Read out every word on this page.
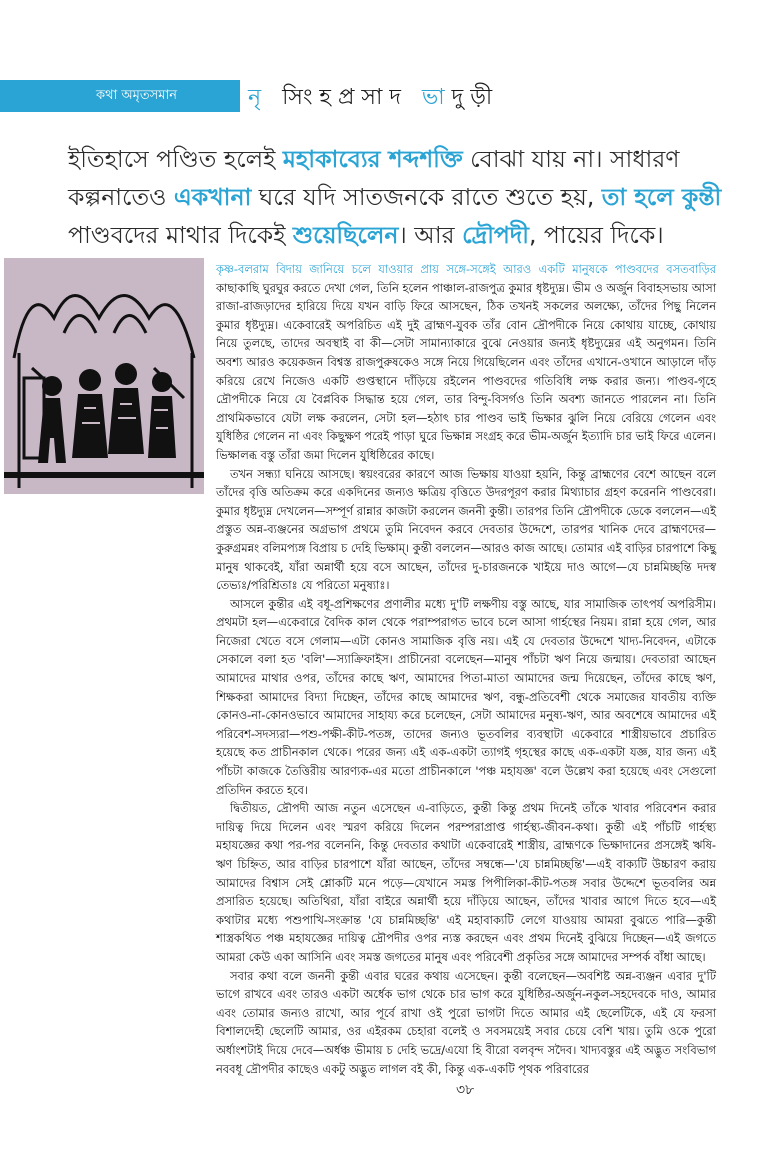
কথা অমৃতসমান	নৃ সিংহপ্রসাদ ভাদুড়ী
ইতিহাসে পণ্ডিত হলেই মহাকাব্যের শব্দশক্তি বোঝা যায় না। সাধারণ কল্পনাতেও একখানা ঘরে যদি সাতজনকে রাতে শুতে হয়, তা হলে কুন্তী পাণ্ডবদের মাথার দিকেই শুয়েছিলেন। আর দ্রৌপদী, পায়ের দিকে।

কৃষ্ণ-বলরাম বিদায় জানিয়ে চলে যাওয়ার প্রায় সঙ্গে-সঙ্গেই আরও একটি মানুষকে পাণ্ডবদের বসতবাড়ির কাছাকাছি ঘুরঘুর করতে দেখা গেল, তিনি হলেন পাঞ্চাল-রাজপুত্র কুমার ধৃষ্টদ্যুম্ন। ভীম ও অর্জুন বিবাহসভায় আসা রাজা-রাজড়াদের হারিয়ে দিয়ে যখন বাড়ি ফিরে আসছেন, ঠিক তখনই সকলের অলক্ষ্যে, তাঁদের পিছু নিলেন কুমার ধৃষ্টদ্যুম্ন। একেবারেই অপরিচিত এই দুই ব্রাহ্মণ-যুবক তাঁর বোন দ্রৌপদীকে নিয়ে কোথায় যাচ্ছে, কোথায় নিয়ে তুলছে, তাদের অবস্থাই বা কী—সেটা সামান্যাকারে বুঝে নেওয়ার জন্যই ধৃষ্টদ্যুম্নের এই অনুগমন। তিনি অবশ্য আরও কয়েকজন বিশ্বস্ত রাজপুরুষকেও সঙ্গে নিয়ে গিয়েছিলেন এবং তাঁদের এখানে-ওখানে আড়ালে দাঁড় করিয়ে রেখে নিজেও একটি গুপ্তস্থানে দাঁড়িয়ে রইলেন পাণ্ডবদের গতিবিধি লক্ষ করার জন্য। পাণ্ডব-গৃহে দ্রৌপদীকে নিয়ে যে বৈপ্লবিক সিদ্ধান্ত হয়ে গেল, তার বিন্দু-বিসর্গও তিনি অবশ্য জানতে পারলেন না। তিনি প্রাথমিকভাবে যেটা লক্ষ করলেন, সেটা হল—হঠাৎ চার পাণ্ডব ভাই ভিক্ষার ঝুলি নিয়ে বেরিয়ে গেলেন এবং যুধিষ্ঠির গেলেন না এবং কিছুক্ষণ পরেই পাড়া ঘুরে ভিক্ষান্ন সংগ্রহ করে ভীম-অর্জুন ইত্যাদি চার ভাই ফিরে এলেন। ভিক্ষালব্ধ বস্তু তাঁরা জমা দিলেন যুধিষ্ঠিরের কাছে।

তখন সন্ধ্যা ঘনিয়ে আসছে। স্বয়ংবরের কারণে আজ ভিক্ষায় যাওয়া হয়নি, কিন্তু ব্রাহ্মণের বেশে আছেন বলে তাঁদের বৃত্তি অতিক্রম করে একদিনের জন্যও ক্ষত্রিয় বৃত্তিতে উদরপূরণ করার মিথ্যাচার গ্রহণ করেননি পাণ্ডবেরা। কুমার ধৃষ্টদ্যুম্ন দেখলেন—সম্পূর্ণ রান্নার কাজটা করলেন জননী কুন্তী। তারপর তিনি দ্রৌপদীকে ডেকে বললেন—এই প্রস্তুত অন্ন-ব্যঞ্জনের অগ্রভাগ প্রথমে তুমি নিবেদন করবে দেবতার উদ্দেশে, তারপর খানিক দেবে ব্রাহ্মণদের—কুরুগ্রমন্নং বলিমপ্যঙ্গ বিপ্রায় চ দেহি ভিক্ষাম্। কুন্তী বললেন—আরও কাজ আছে। তোমার এই বাড়ির চারপাশে কিছু মানুষ থাকবেই, যাঁরা অন্নার্থী হয়ে বসে আছেন, তাঁদের দু-চারজনকে খাইয়ে দাও আগে—যে চান্নমিচ্ছন্তি দদস্ব তেভ্যঃ/পরিশ্রিতাঃ যে পরিতো মনুষ্যাঃ।

আসলে কুন্তীর এই বধূ-প্রশিক্ষণের প্রণালীর মধ্যে দু'টি লক্ষণীয় বস্তু আছে, যার সামাজিক তাৎপর্য অপরিসীম। প্রথমটা হল—একেবারে বৈদিক কাল থেকে পরাম্পরাগত ভাবে চলে আসা গার্হস্থের নিয়ম। রান্না হয়ে গেল, আর নিজেরা খেতে বসে গেলাম—এটা কোনও সামাজিক বৃত্তি নয়। এই যে দেবতার উদ্দেশে খাদ্য-নিবেদন, এটাকে সেকালে বলা হত 'বলি'—স্যাক্রিফাইস। প্রাচীনেরা বলেছেন—মানুষ পাঁচটা ঋণ নিয়ে জন্মায়। দেবতারা আছেন আমাদের মাথার ওপর, তাঁদের কাছে ঋণ, আমাদের পিতা-মাতা আমাদের জন্ম দিয়েছেন, তাঁদের কাছে ঋণ, শিক্ষকরা আমাদের বিদ্যা দিচ্ছেন, তাঁদের কাছে আমাদের ঋণ, বন্ধু-প্রতিবেশী থেকে সমাজের যাবতীয় ব্যক্তি কোনও-না-কোনওভাবে আমাদের সাহায্য করে চলেছেন, সেটা আমাদের মনুষ্য-ঋণ, আর অবশেষে আমাদের এই পরিবেশ-সদস্যরা—পশু-পক্ষী-কীট-পতঙ্গ, তাদের জন্যও ভূতবলির ব্যবস্থাটা একেবারে শাস্ত্রীয়ভাবে প্রচারিত হয়েছে কত প্রাচীনকাল থেকে। পরের জন্য এই এক-একটা ত্যাগই গৃহস্থের কাছে এক-একটা যজ্ঞ, যার জন্য এই পাঁচটা কাজকে তৈত্তিরীয় আরণ্যক-এর মতো প্রাচীনকালে 'পঞ্চ মহাযজ্ঞ' বলে উল্লেখ করা হয়েছে এবং সেগুলো প্রতিদিন করতে হবে।

দ্বিতীয়ত, দ্রৌপদী আজ নতুন এসেছেন এ-বাড়িতে, কুন্তী কিন্তু প্রথম দিনেই তাঁকে খাবার পরিবেশন করার দায়িত্ব দিয়ে দিলেন এবং স্মরণ করিয়ে দিলেন পরম্পরাপ্রাপ্ত গার্হস্থ্য-জীবন-কথা। কুন্তী এই পাঁচটি গার্হস্থ্য মহাযজ্ঞের কথা পর-পর বলেননি, কিন্তু দেবতার কথাটা একেবারেই শাস্ত্রীয়, ব্রাহ্মণকে ভিক্ষাদানের প্রসঙ্গেই ঋষি-ঋণ চিহ্নিত, আর বাড়ির চারপাশে যাঁরা আছেন, তাঁদের সম্বন্ধে—'যে চান্নমিচ্ছন্তি'—এই বাক্যটি উচ্চারণ করায় আমাদের বিশ্বাস সেই শ্লোকটি মনে পড়ে—যেখানে সমস্ত পিপীলিকা-কীট-পতঙ্গ সবার উদ্দেশে ভূতবলির অন্ন প্রসারিত হয়েছে। অতিথিরা, যাঁরা বাইরে অন্নার্থী হয়ে দাঁড়িয়ে আছেন, তাঁদের খাবার আগে দিতে হবে—এই কথাটার মধ্যে পশুপাখি-সংক্রান্ত 'যে চান্নমিচ্ছন্তি' এই মহাবাক্যটি লেগে যাওয়ায় আমরা বুঝতে পারি—কুন্তী শাস্ত্রকথিত পঞ্চ মহাযজ্ঞের দায়িত্ব দ্রৌপদীর ওপর ন্যস্ত করছেন এবং প্রথম দিনেই বুঝিয়ে দিচ্ছেন—এই জগতে আমরা কেউ একা আসিনি এবং সমস্ত জগতের মানুষ এবং পরিবেশী প্রকৃতির সঙ্গে আমাদের সম্পর্ক বাঁধা আছে।

সবার কথা বলে জননী কুন্তী এবার ঘরের কথায় এসেছেন। কুন্তী বলেছেন—অবশিষ্ট অন্ন-ব্যঞ্জন এবার দু'টি ভাগে রাখবে এবং তারও একটা অর্ধেক ভাগ থেকে চার ভাগ করে যুধিষ্ঠির-অর্জুন-নকুল-সহদেবকে দাও, আমার এবং তোমার জন্যও রাখো, আর পূর্বে রাখা ওই পুরো ভাগটা দিতে আমার এই ছেলেটিকে, এই যে ফরসা বিশালদেহী ছেলেটি আমার, ওর এইরকম চেহারা বলেই ও সবসময়েই সবার চেয়ে বেশি খায়। তুমি ওকে পুরো অর্ধাংশটাই দিয়ে দেবে—অর্ধঞ্চ ভীমায় চ দেহি ভদ্রে/এযো হি বীরো বলবৃন্দ সদৈব। খাদ্যবস্তুর এই অদ্ভুত সংবিভাগ নববধূ দ্রৌপদীর কাছেও একটু অদ্ভুত লাগল বই কী, কিন্তু এক-একটি পৃথক পরিবারের

৩৮
